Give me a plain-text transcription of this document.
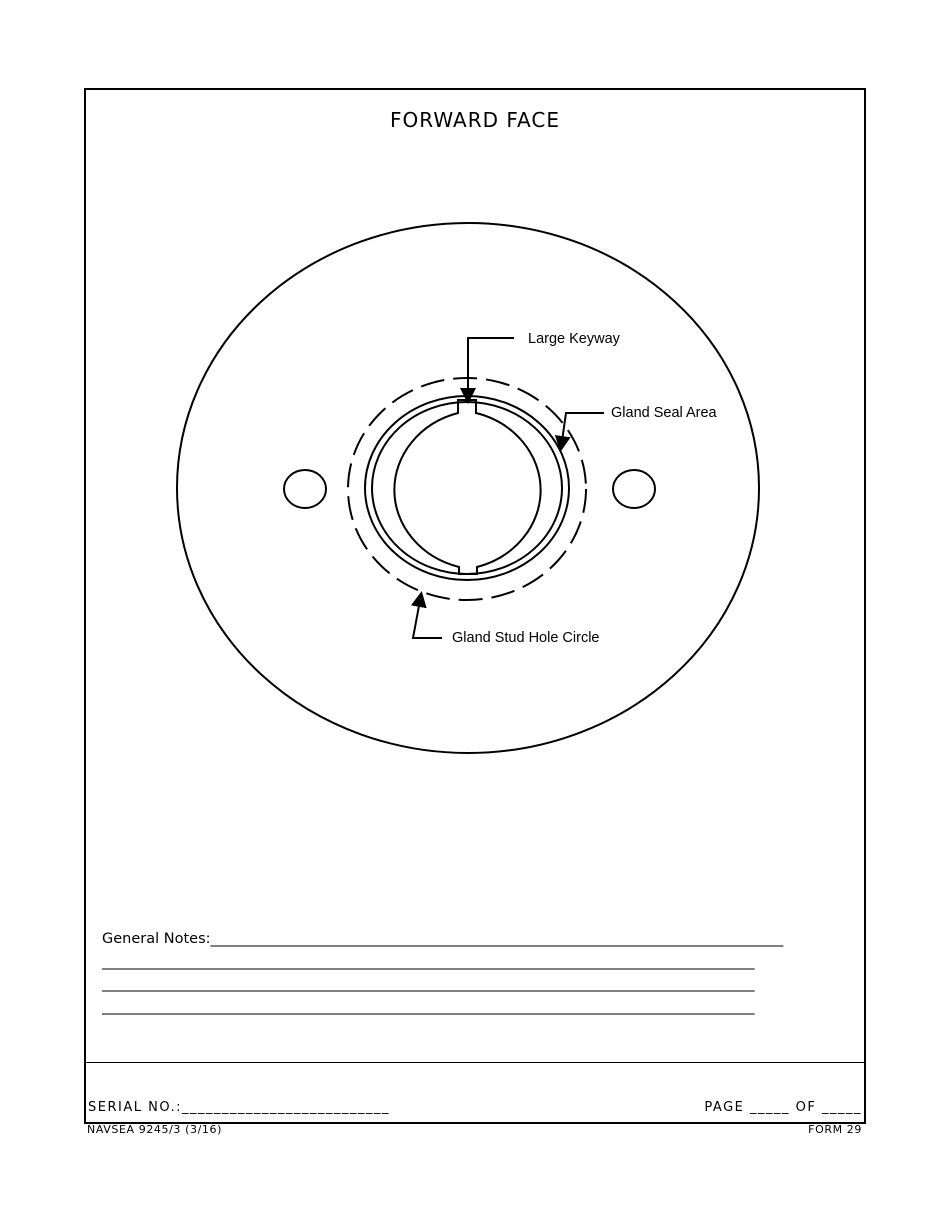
FORWARD FACE
Large Keyway
Gland Seal Area
Gland Stud Hole Circle
General Notes:_______________________________________________________________________________
__________________________________________________________________________________________
__________________________________________________________________________________________
__________________________________________________________________________________________
SERIAL NO.:__________________________	PAGE _____ OF _____
NAVSEA 9245/3 (3/16)	FORM 29
